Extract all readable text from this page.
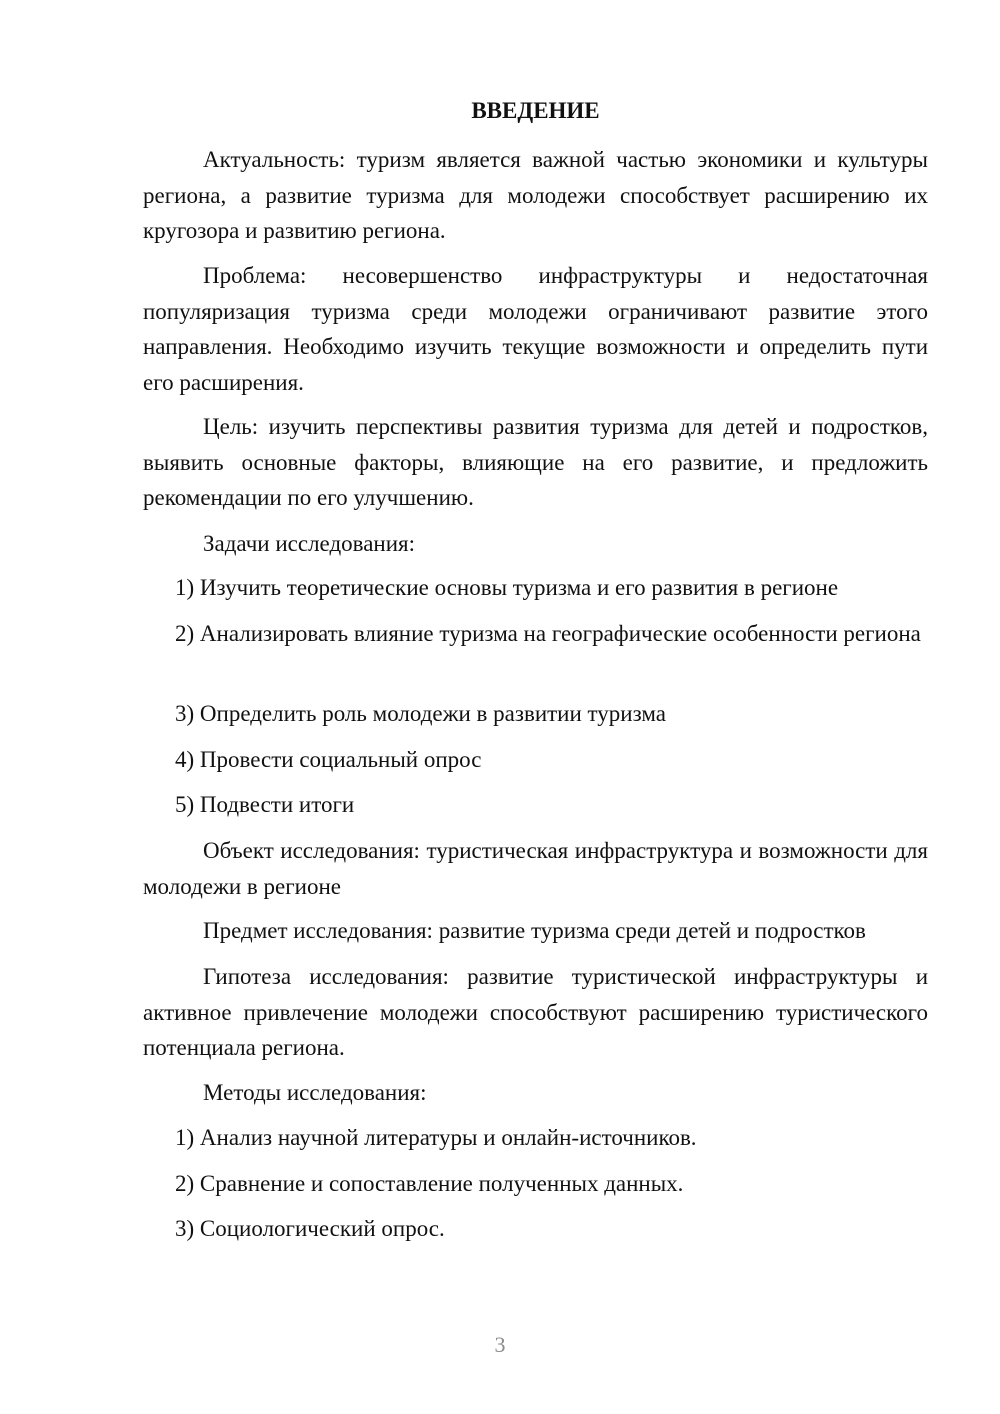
ВВЕДЕНИЕ

Актуальность: туризм является важной частью экономики и культуры региона, а развитие туризма для молодежи способствует расширению их кругозора и развитию региона.

Проблема: несовершенство инфраструктуры и недостаточная популяризация туризма среди молодежи ограничивают развитие этого направления. Необходимо изучить текущие возможности и определить пути его расширения.

Цель: изучить перспективы развития туризма для детей и подростков, выявить основные факторы, влияющие на его развитие, и предложить рекомендации по его улучшению.

Задачи исследования:

1) Изучить теоретические основы туризма и его развития в регионе

2) Анализировать влияние туризма на географические особенности региона

3) Определить роль молодежи в развитии туризма

4) Провести социальный опрос

5) Подвести итоги

Объект исследования: туристическая инфраструктура и возможности для молодежи в регионе

Предмет исследования: развитие туризма среди детей и подростков

Гипотеза исследования: развитие туристической инфраструктуры и активное привлечение молодежи способствуют расширению туристического потенциала региона.

Методы исследования:

1) Анализ научной литературы и онлайн-источников.

2) Сравнение и сопоставление полученных данных.

3) Социологический опрос.

3
